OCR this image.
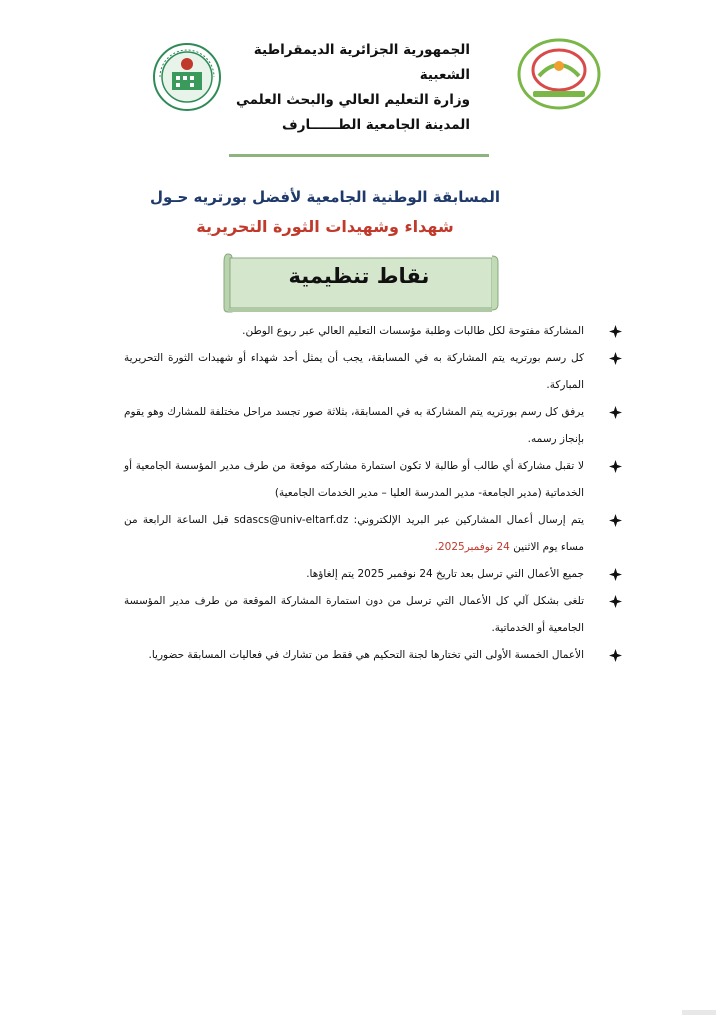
الجمهورية الجزائرية الديمقراطية الشعبية
وزارة التعليم العالي والبحث العلمي
المدينة الجامعية الطــــــارف
المسابقة الوطنية الجامعية لأفضل بورتريه حـول
شهداء وشهيدات الثورة التحريرية
نقاط تنظيمية
المشاركة مفتوحة لكل طالبات وطلبة مؤسسات التعليم العالي عبر ربوع الوطن.
كل رسم بورتريه يتم المشاركة به في المسابقة، يجب أن يمثل أحد شهداء أو شهيدات الثورة التحريرية المباركة.
يرفق كل رسم بورتريه يتم المشاركة به في المسابقة، بثلاثة صور تجسد مراحل مختلفة للمشارك وهو يقوم بإنجاز رسمه.
لا تقبل مشاركة أي طالب أو طالبة لا تكون استمارة مشاركته موقعة من طرف مدير المؤسسة الجامعية أو الخدماتية (مدير الجامعة- مدير المدرسة العليا – مدير الخدمات الجامعية)
يتم إرسال أعمال المشاركين عبر البريد الإلكتروني: sdascs@univ-eltarf.dz قبل الساعة الرابعة من مساء يوم الاثنين 24 نوفمبر2025.
جميع الأعمال التي ترسل بعد تاريخ 24 نوفمبر 2025 يتم إلغاؤها.
تلغى بشكل آلي كل الأعمال التي ترسل من دون استمارة المشاركة الموقعة من طرف مدير المؤسسة الجامعية أو الخدماتية.
الأعمال الخمسة الأولى التي تختارها لجنة التحكيم هي فقط من تشارك في فعاليات المسابقة حضوريا.
